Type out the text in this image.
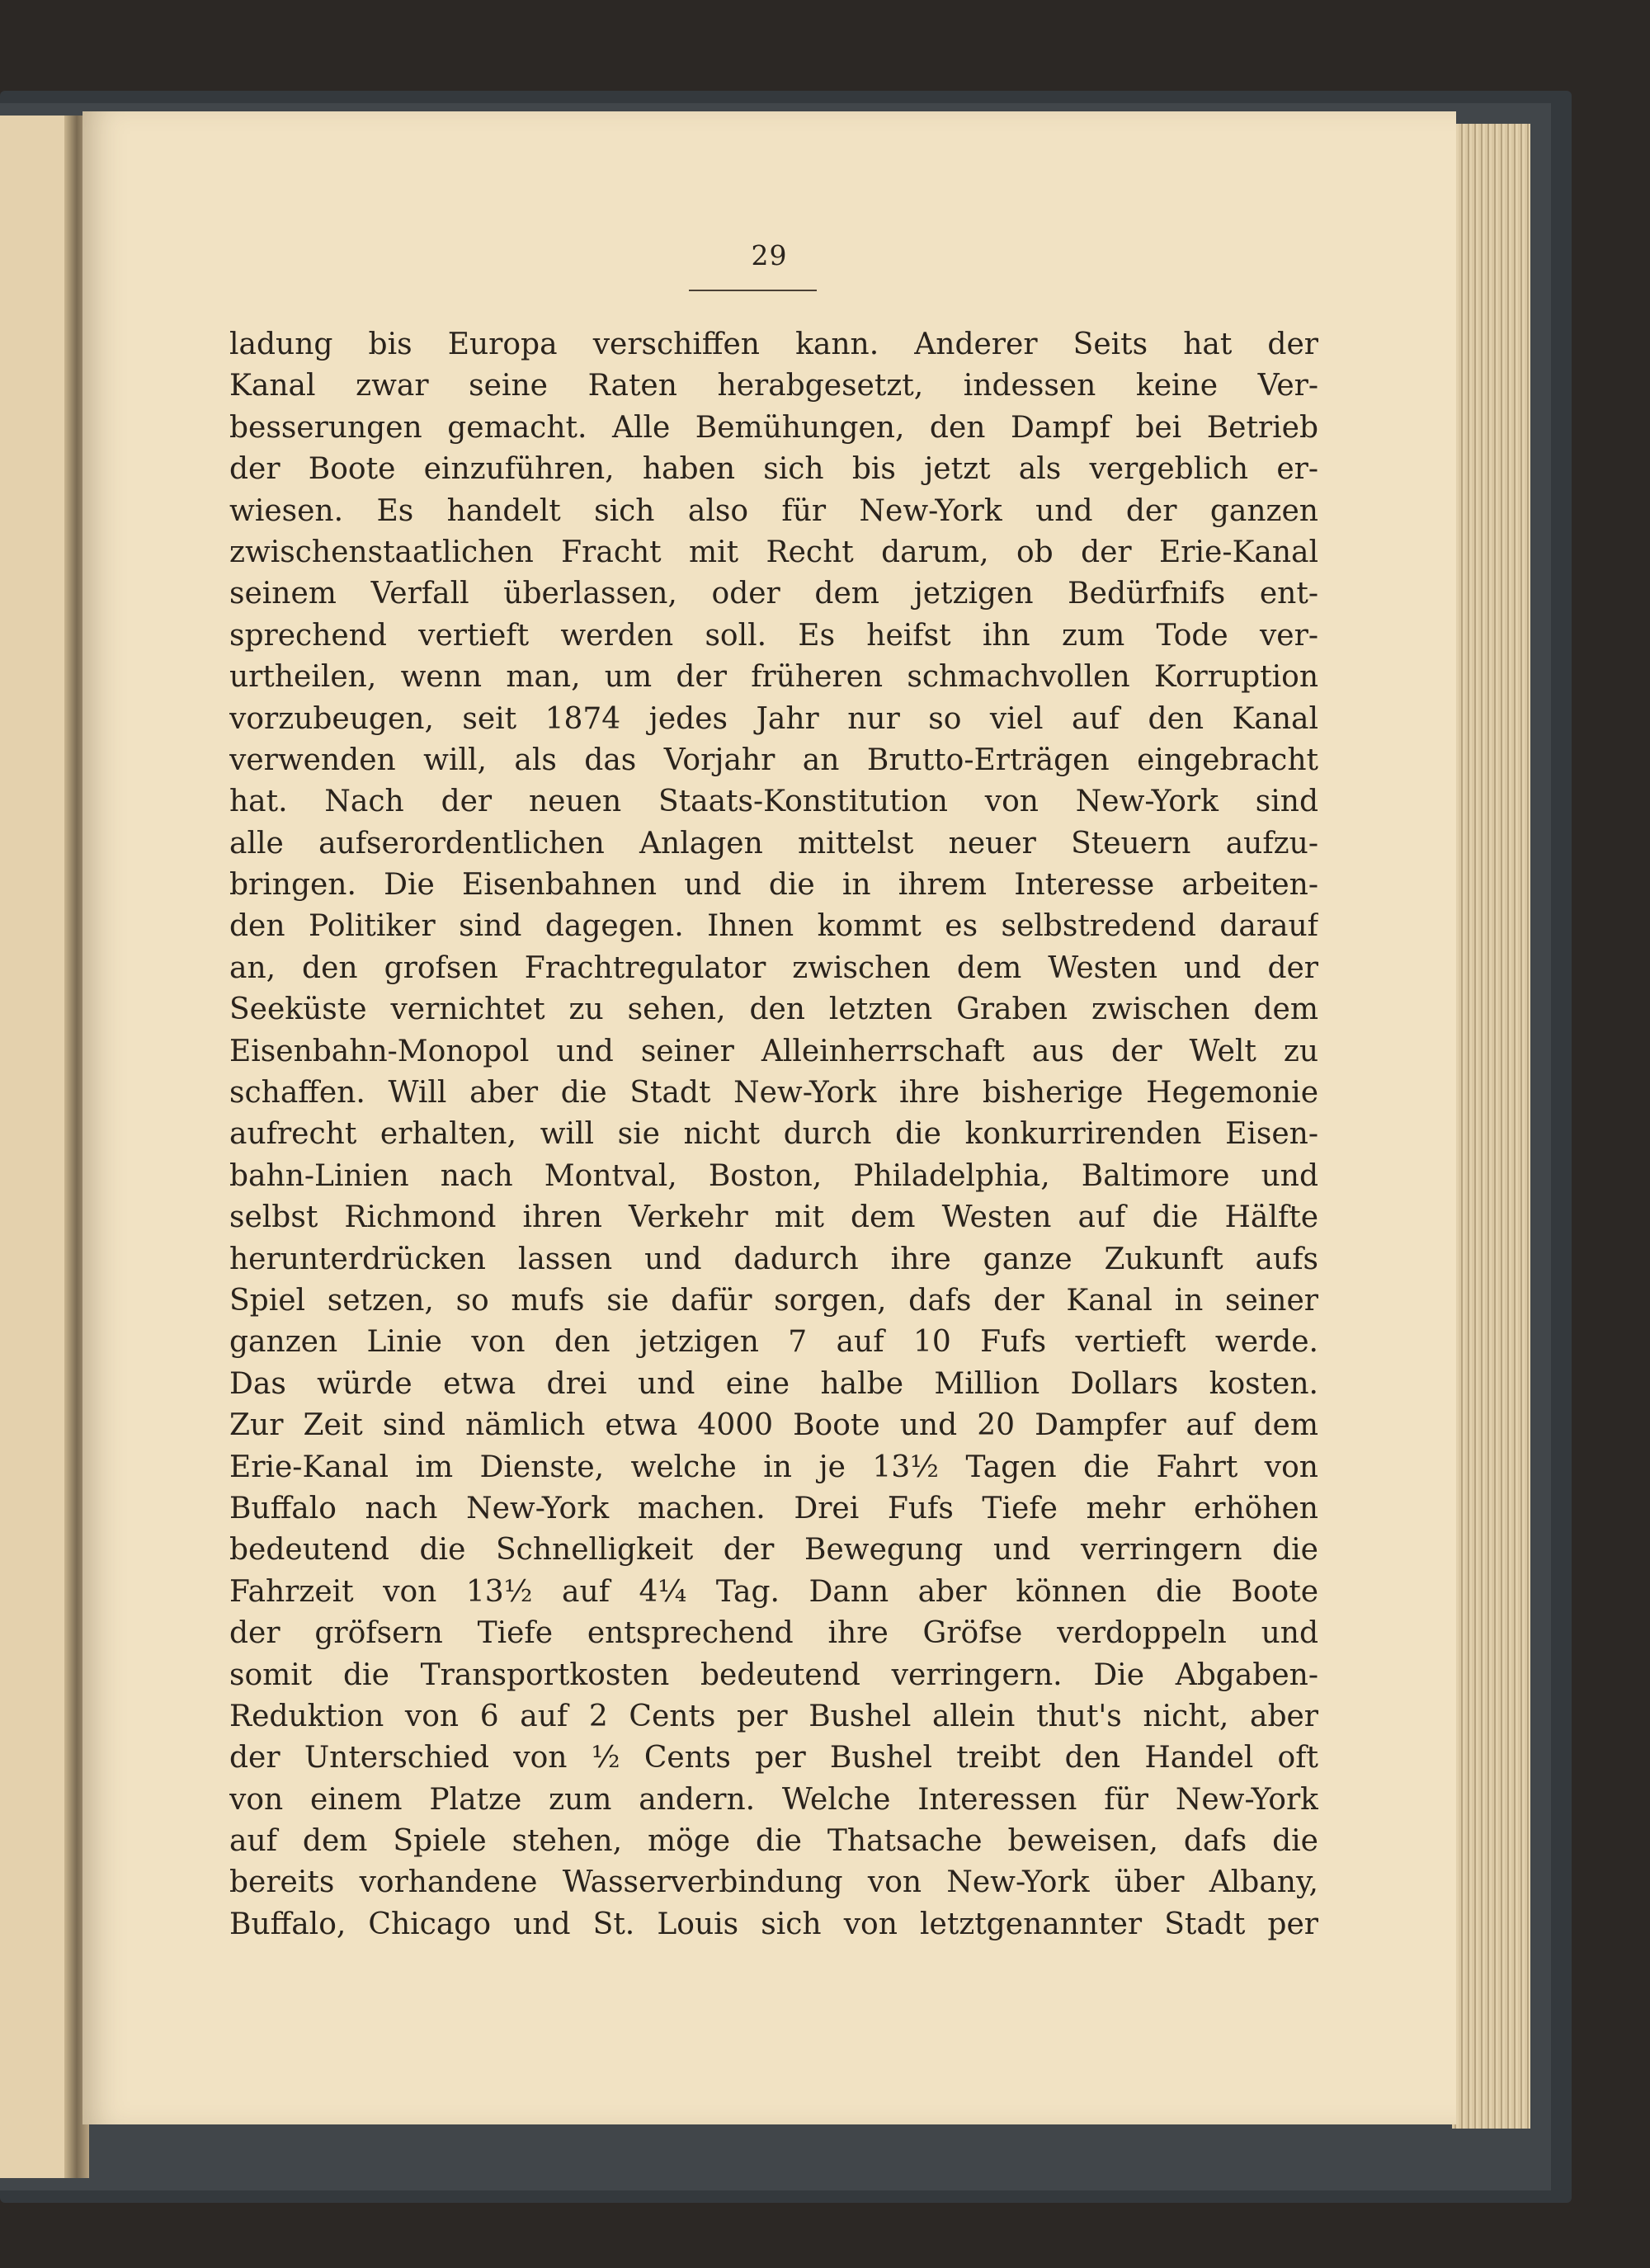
29
ladung bis Europa verschiffen kann. Anderer Seits hat der
Kanal zwar seine Raten herabgesetzt, indessen keine Ver-
besserungen gemacht. Alle Bemühungen, den Dampf bei Betrieb
der Boote einzuführen, haben sich bis jetzt als vergeblich er-
wiesen. Es handelt sich also für New-York und der ganzen
zwischenstaatlichen Fracht mit Recht darum, ob der Erie-Kanal
seinem Verfall überlassen, oder dem jetzigen Bedürfnifs ent-
sprechend vertieft werden soll. Es heifst ihn zum Tode ver-
urtheilen, wenn man, um der früheren schmachvollen Korruption
vorzubeugen, seit 1874 jedes Jahr nur so viel auf den Kanal
verwenden will, als das Vorjahr an Brutto-Erträgen eingebracht
hat. Nach der neuen Staats-Konstitution von New-York sind
alle aufserordentlichen Anlagen mittelst neuer Steuern aufzu-
bringen. Die Eisenbahnen und die in ihrem Interesse arbeiten-
den Politiker sind dagegen. Ihnen kommt es selbstredend darauf
an, den grofsen Frachtregulator zwischen dem Westen und der
Seeküste vernichtet zu sehen, den letzten Graben zwischen dem
Eisenbahn-Monopol und seiner Alleinherrschaft aus der Welt zu
schaffen. Will aber die Stadt New-York ihre bisherige Hegemonie
aufrecht erhalten, will sie nicht durch die konkurrirenden Eisen-
bahn-Linien nach Montval, Boston, Philadelphia, Baltimore und
selbst Richmond ihren Verkehr mit dem Westen auf die Hälfte
herunterdrücken lassen und dadurch ihre ganze Zukunft aufs
Spiel setzen, so mufs sie dafür sorgen, dafs der Kanal in seiner
ganzen Linie von den jetzigen 7 auf 10 Fufs vertieft werde.
Das würde etwa drei und eine halbe Million Dollars kosten.
Zur Zeit sind nämlich etwa 4000 Boote und 20 Dampfer auf dem
Erie-Kanal im Dienste, welche in je 13½ Tagen die Fahrt von
Buffalo nach New-York machen. Drei Fufs Tiefe mehr erhöhen
bedeutend die Schnelligkeit der Bewegung und verringern die
Fahrzeit von 13½ auf 4¼ Tag. Dann aber können die Boote
der gröfsern Tiefe entsprechend ihre Gröfse verdoppeln und
somit die Transportkosten bedeutend verringern. Die Abgaben-
Reduktion von 6 auf 2 Cents per Bushel allein thut's nicht, aber
der Unterschied von ½ Cents per Bushel treibt den Handel oft
von einem Platze zum andern. Welche Interessen für New-York
auf dem Spiele stehen, möge die Thatsache beweisen, dafs die
bereits vorhandene Wasserverbindung von New-York über Albany,
Buffalo, Chicago und St. Louis sich von letztgenannter Stadt per
